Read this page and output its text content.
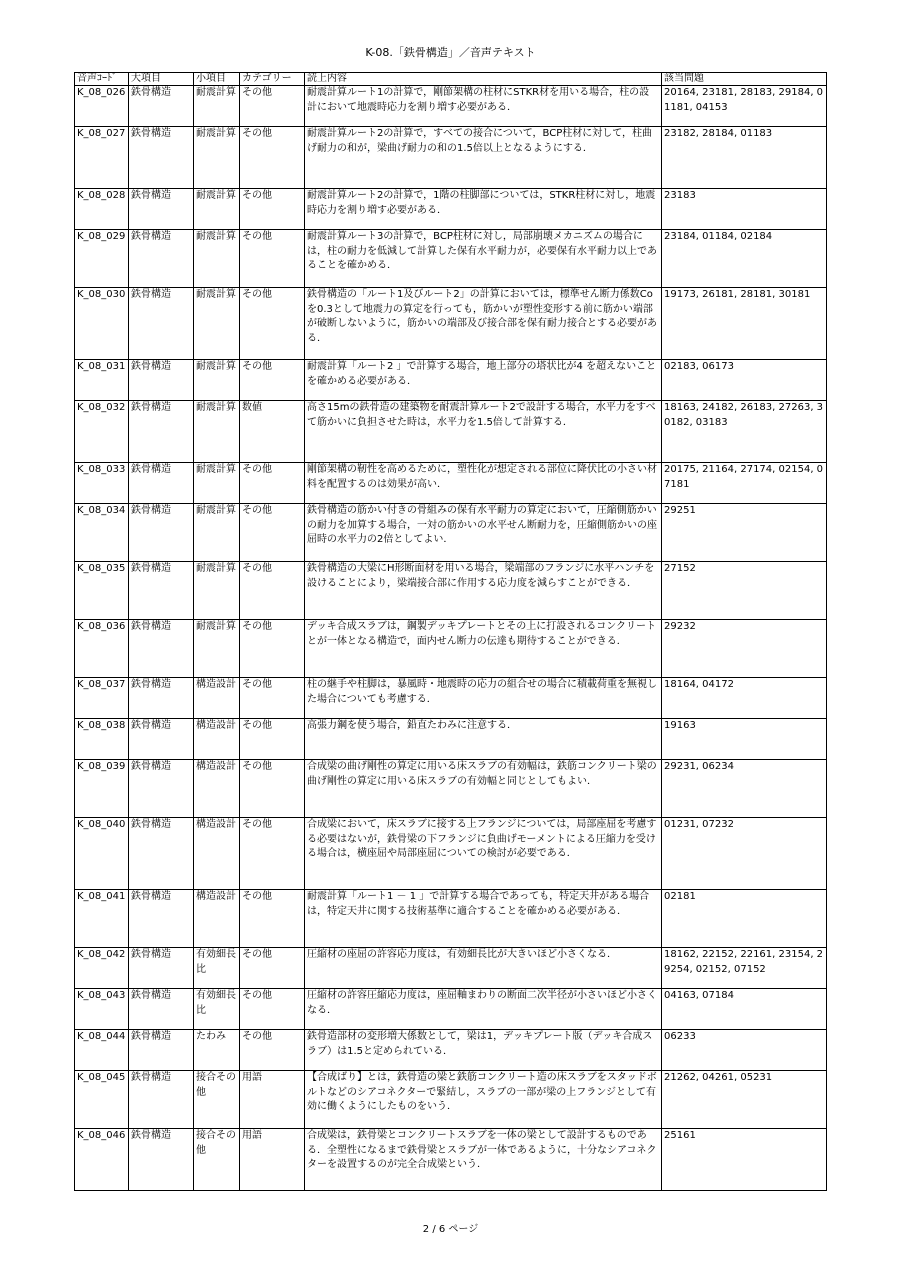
K-08.「鉄骨構造」／音声テキスト
音声ｺｰﾄﾞ	大項目	小項目	カテゴリー	読上内容	該当問題
K_08_026	鉄骨構造	耐震計算	その他	耐震計算ルート1の計算で，剛節架構の柱材にSTKR材を用いる場合，柱の設計において地震時応力を割り増す必要がある．	20164, 23181, 28183, 29184, 01181, 04153
K_08_027	鉄骨構造	耐震計算	その他	耐震計算ルート2の計算で，すべての接合について，BCP柱材に対して，柱曲げ耐力の和が，梁曲げ耐力の和の1.5倍以上となるようにする．	23182, 28184, 01183
K_08_028	鉄骨構造	耐震計算	その他	耐震計算ルート2の計算で，1階の柱脚部については，STKR柱材に対し，地震時応力を割り増す必要がある．	23183
K_08_029	鉄骨構造	耐震計算	その他	耐震計算ルート3の計算で，BCP柱材に対し，局部崩壊メカニズムの場合には，柱の耐力を低減して計算した保有水平耐力が，必要保有水平耐力以上であることを確かめる．	23184, 01184, 02184
K_08_030	鉄骨構造	耐震計算	その他	鉄骨構造の「ルート1及びルート2」の計算においては，標準せん断力係数Coを0.3として地震力の算定を行っても，筋かいが塑性変形する前に筋かい端部が破断しないように，筋かいの端部及び接合部を保有耐力接合とする必要がある．	19173, 26181, 28181, 30181
K_08_031	鉄骨構造	耐震計算	その他	耐震計算「ルート2 」で計算する場合，地上部分の塔状比が4 を超えないことを確かめる必要がある．	02183, 06173
K_08_032	鉄骨構造	耐震計算	数値	高さ15mの鉄骨造の建築物を耐震計算ルート2で設計する場合，水平力をすべて筋かいに負担させた時は，水平力を1.5倍して計算する．	18163, 24182, 26183, 27263, 30182, 03183
K_08_033	鉄骨構造	耐震計算	その他	剛節架構の靭性を高めるために，塑性化が想定される部位に降伏比の小さい材料を配置するのは効果が高い．	20175, 21164, 27174, 02154, 07181
K_08_034	鉄骨構造	耐震計算	その他	鉄骨構造の筋かい付きの骨組みの保有水平耐力の算定において，圧縮側筋かいの耐力を加算する場合，一対の筋かいの水平せん断耐力を，圧縮側筋かいの座屈時の水平力の2倍としてよい．	29251
K_08_035	鉄骨構造	耐震計算	その他	鉄骨構造の大梁にH形断面材を用いる場合，梁端部のフランジに水平ハンチを設けることにより，梁端接合部に作用する応力度を減らすことができる．	27152
K_08_036	鉄骨構造	耐震計算	その他	デッキ合成スラブは，鋼製デッキプレートとその上に打設されるコンクリートとが一体となる構造で，面内せん断力の伝達も期待することができる．	29232
K_08_037	鉄骨構造	構造設計	その他	柱の継手や柱脚は，暴風時・地震時の応力の組合せの場合に積載荷重を無視した場合についても考慮する．	18164, 04172
K_08_038	鉄骨構造	構造設計	その他	高張力鋼を使う場合，鉛直たわみに注意する．	19163
K_08_039	鉄骨構造	構造設計	その他	合成梁の曲げ剛性の算定に用いる床スラブの有効幅は，鉄筋コンクリート梁の曲げ剛性の算定に用いる床スラブの有効幅と同じとしてもよい．	29231, 06234
K_08_040	鉄骨構造	構造設計	その他	合成梁において，床スラブに接する上フランジについては，局部座屈を考慮する必要はないが，鉄骨梁の下フランジに負曲げモーメントによる圧縮力を受ける場合は，横座屈や局部座屈についての検討が必要である．	01231, 07232
K_08_041	鉄骨構造	構造設計	その他	耐震計算「ルート1 － 1 」で計算する場合であっても，特定天井がある場合は，特定天井に関する技術基準に適合することを確かめる必要がある．	02181
K_08_042	鉄骨構造	有効細長比	その他	圧縮材の座屈の許容応力度は，有効細長比が大きいほど小さくなる．	18162, 22152, 22161, 23154, 29254, 02152, 07152
K_08_043	鉄骨構造	有効細長比	その他	圧縮材の許容圧縮応力度は，座屈軸まわりの断面二次半径が小さいほど小さくなる．	04163, 07184
K_08_044	鉄骨構造	たわみ	その他	鉄骨造部材の変形増大係数として，梁は1，デッキプレート版（デッキ合成スラブ）は1.5と定められている．	06233
K_08_045	鉄骨構造	接合その他	用語	【合成ばり】とは，鉄骨造の梁と鉄筋コンクリート造の床スラブをスタッドボルトなどのシアコネクターで緊結し，スラブの一部が梁の上フランジとして有効に働くようにしたものをいう．	21262, 04261, 05231
K_08_046	鉄骨構造	接合その他	用語	合成梁は，鉄骨梁とコンクリートスラブを一体の梁として設計するものである．全塑性になるまで鉄骨梁とスラブが一体であるように，十分なシアコネクターを設置するのが完全合成梁という．	25161
2 / 6 ページ
